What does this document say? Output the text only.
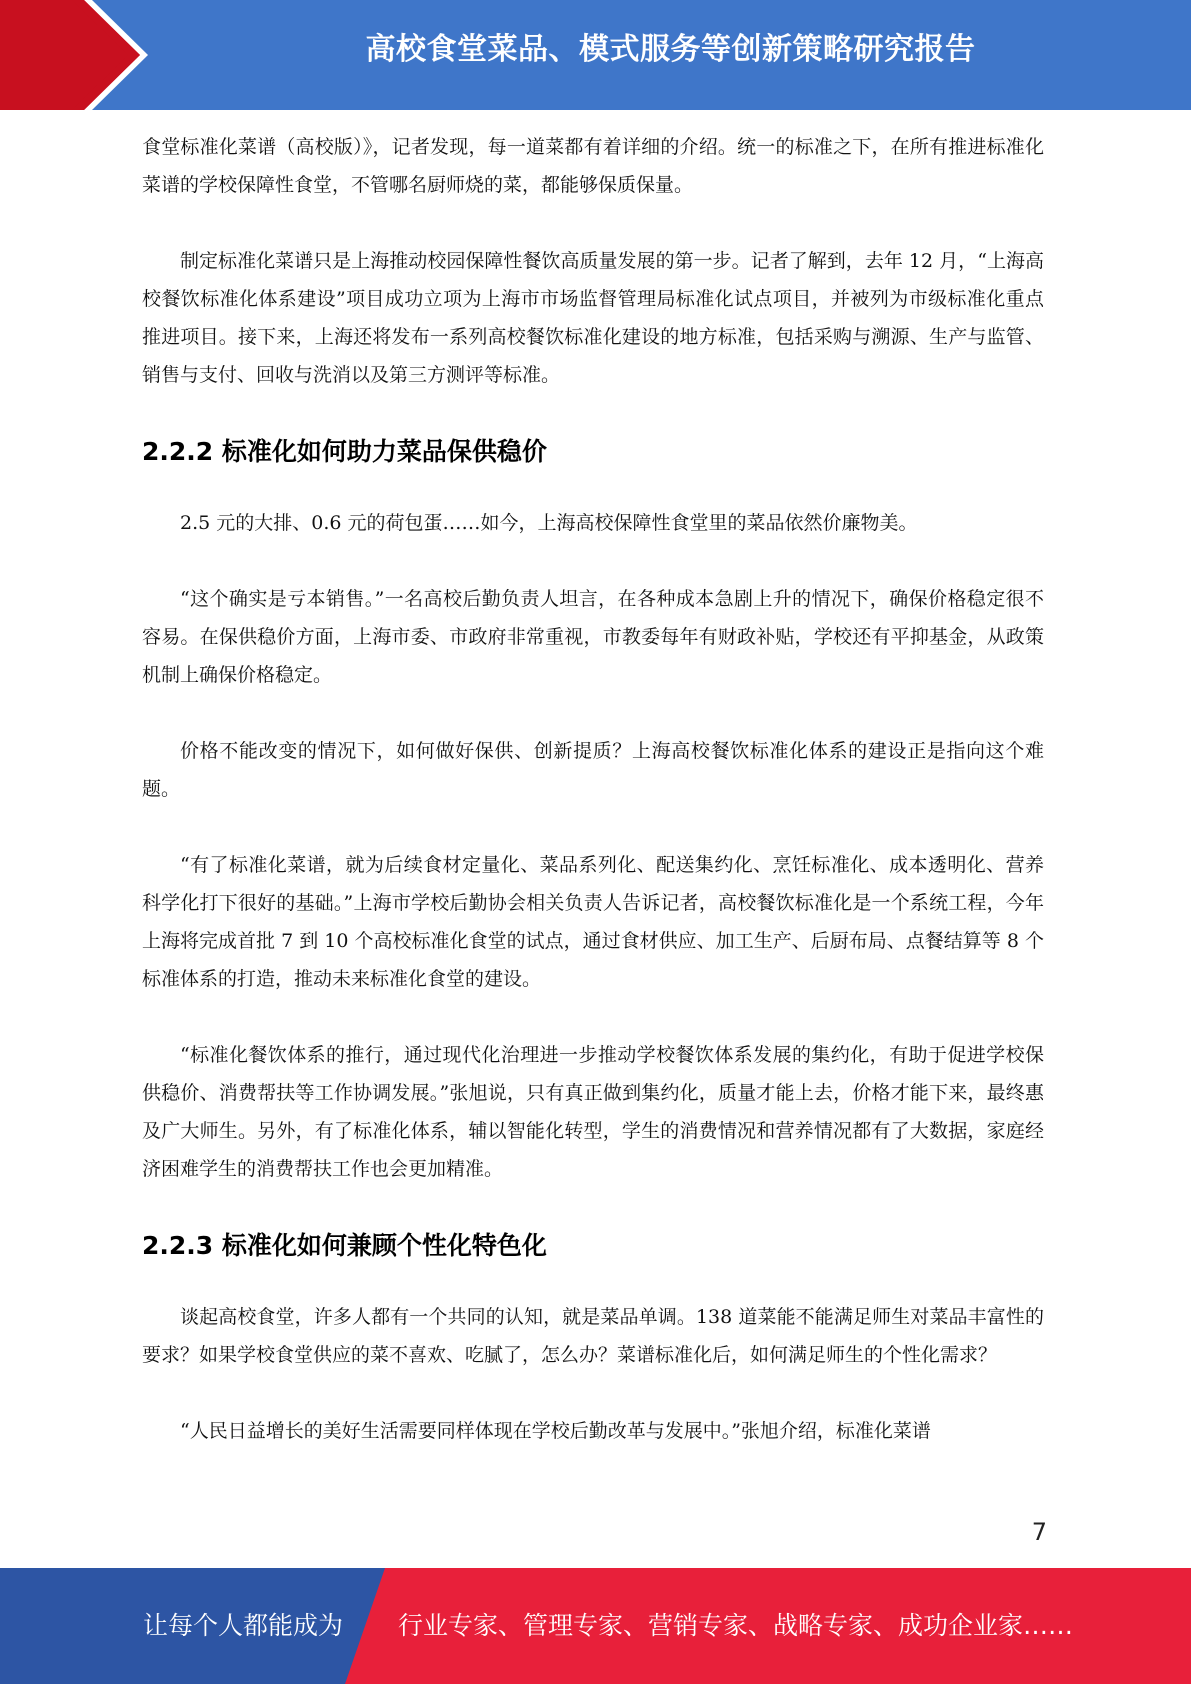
高校食堂菜品、模式服务等创新策略研究报告

食堂标准化菜谱（高校版）》，记者发现，每一道菜都有着详细的介绍。统一的标准之下，在所有推进标准化菜谱的学校保障性食堂，不管哪名厨师烧的菜，都能够保质保量。

制定标准化菜谱只是上海推动校园保障性餐饮高质量发展的第一步。记者了解到，去年 12 月，“上海高校餐饮标准化体系建设”项目成功立项为上海市市场监督管理局标准化试点项目，并被列为市级标准化重点推进项目。接下来，上海还将发布一系列高校餐饮标准化建设的地方标准，包括采购与溯源、生产与监管、销售与支付、回收与洗消以及第三方测评等标准。

2.2.2 标准化如何助力菜品保供稳价

2.5 元的大排、0.6 元的荷包蛋……如今，上海高校保障性食堂里的菜品依然价廉物美。

“这个确实是亏本销售。”一名高校后勤负责人坦言，在各种成本急剧上升的情况下，确保价格稳定很不容易。在保供稳价方面，上海市委、市政府非常重视，市教委每年有财政补贴，学校还有平抑基金，从政策机制上确保价格稳定。

价格不能改变的情况下，如何做好保供、创新提质？上海高校餐饮标准化体系的建设正是指向这个难题。

“有了标准化菜谱，就为后续食材定量化、菜品系列化、配送集约化、烹饪标准化、成本透明化、营养科学化打下很好的基础。”上海市学校后勤协会相关负责人告诉记者，高校餐饮标准化是一个系统工程，今年上海将完成首批 7 到 10 个高校标准化食堂的试点，通过食材供应、加工生产、后厨布局、点餐结算等 8 个标准体系的打造，推动未来标准化食堂的建设。

“标准化餐饮体系的推行，通过现代化治理进一步推动学校餐饮体系发展的集约化，有助于促进学校保供稳价、消费帮扶等工作协调发展。”张旭说，只有真正做到集约化，质量才能上去，价格才能下来，最终惠及广大师生。另外，有了标准化体系，辅以智能化转型，学生的消费情况和营养情况都有了大数据，家庭经济困难学生的消费帮扶工作也会更加精准。

2.2.3 标准化如何兼顾个性化特色化

谈起高校食堂，许多人都有一个共同的认知，就是菜品单调。138 道菜能不能满足师生对菜品丰富性的要求？如果学校食堂供应的菜不喜欢、吃腻了，怎么办？菜谱标准化后，如何满足师生的个性化需求？

“人民日益增长的美好生活需要同样体现在学校后勤改革与发展中。”张旭介绍，标准化菜谱

7
让每个人都能成为 行业专家、管理专家、营销专家、战略专家、成功企业家……
